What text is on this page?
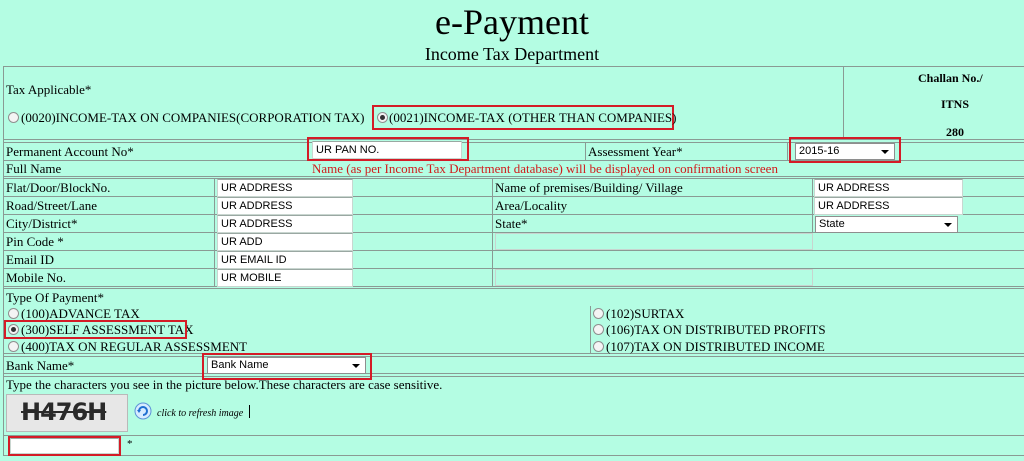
e-Payment
Income Tax Department
Tax Applicable*
(0020)INCOME-TAX ON COMPANIES(CORPORATION TAX) (0021)INCOME-TAX (OTHER THAN COMPANIES)
Challan No./
ITNS
280
Permanent Account No*	UR PAN NO.	Assessment Year*	2015-16
Full Name	Name (as per Income Tax Department database) will be displayed on confirmation screen
Flat/Door/BlockNo.	UR ADDRESS	Name of premises/Building/ Village	UR ADDRESS
Road/Street/Lane	UR ADDRESS	Area/Locality	UR ADDRESS
City/District*	UR ADDRESS	State*	State
Pin Code *	UR ADD
Email ID	UR EMAIL ID
Mobile No.	UR MOBILE
Type Of Payment*
(100)ADVANCE TAX	(102)SURTAX
(300)SELF ASSESSMENT TAX	(106)TAX ON DISTRIBUTED PROFITS
(400)TAX ON REGULAR ASSESSMENT	(107)TAX ON DISTRIBUTED INCOME
Bank Name*	Bank Name
Type the characters you see in the picture below.These characters are case sensitive.
H476H	click to refresh image
*
